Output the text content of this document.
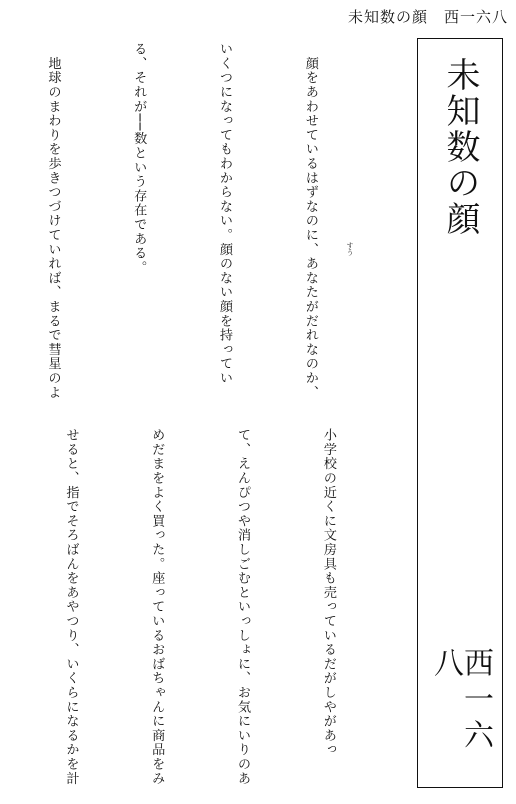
未知数の顔 西一六八
未知数の顔
西一六八

　顔をあわせているはずなのに、あなたがだれなのか、

いくつになってもわからない。顔のない顔を持ってい

る、それが──数という存在である。

　地球のまわりを歩きつづけていれば、まるで彗星のよ

	すう

小学校の近くに文房具も売っているだがしやがあっ

て、えんぴつや消しごむといっしょに、お気にいりのあ

めだまをよく買った。座っているおばちゃんに商品をみ

せると、指でそろばんをあやつり、いくらになるかを計
